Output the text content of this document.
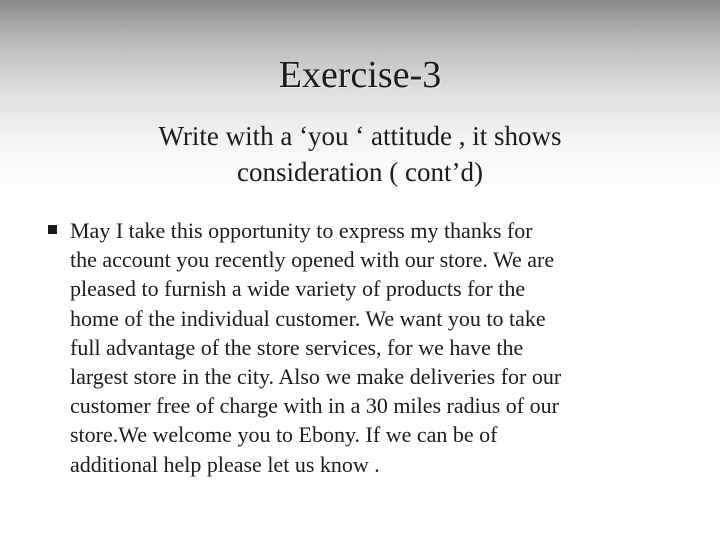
Exercise-3
Write with a ‘you ‘ attitude , it shows
consideration ( cont’d)
May I take this opportunity to express my thanks for
the account you recently opened with our store. We are
pleased to furnish a wide variety of products for the
home of the individual customer. We want you to take
full advantage of the store services, for we have the
largest store in the city. Also we make deliveries for our
customer free of charge with in a 30 miles radius of our
store.We welcome you to Ebony. If we can be of
additional help please let us know .
